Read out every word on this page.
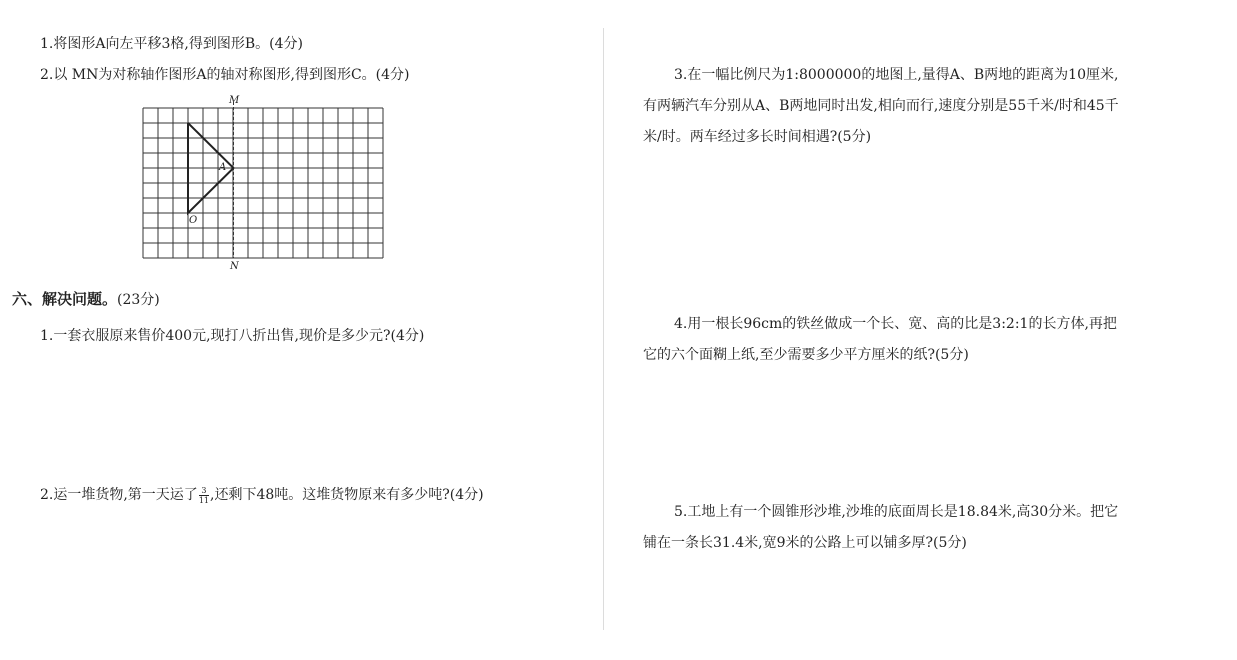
1.将图形A向左平移3格,得到图形B。(4分)
2.以 MN为对称轴作图形A的轴对称图形,得到图形C。(4分)
M
N
A
O
六、解决问题。(23分)
1.一套衣服原来售价400元,现打八折出售,现价是多少元?(4分)
2.运一堆货物,第一天运了 $\frac{3}{11}$ ,还剩下48吨。这堆货物原来有多少吨?(4分)
3.在一幅比例尺为1:8000000的地图上,量得A、B两地的距离为10厘米,
有两辆汽车分别从A、B两地同时出发,相向而行,速度分别是55千米/时和45千
米/时。两车经过多长时间相遇?(5分)
4.用一根长96cm的铁丝做成一个长、宽、高的比是3:2:1的长方体,再把
它的六个面糊上纸,至少需要多少平方厘米的纸?(5分)
5.工地上有一个圆锥形沙堆,沙堆的底面周长是18.84米,高30分米。把它
铺在一条长31.4米,宽9米的公路上可以铺多厚?(5分)
